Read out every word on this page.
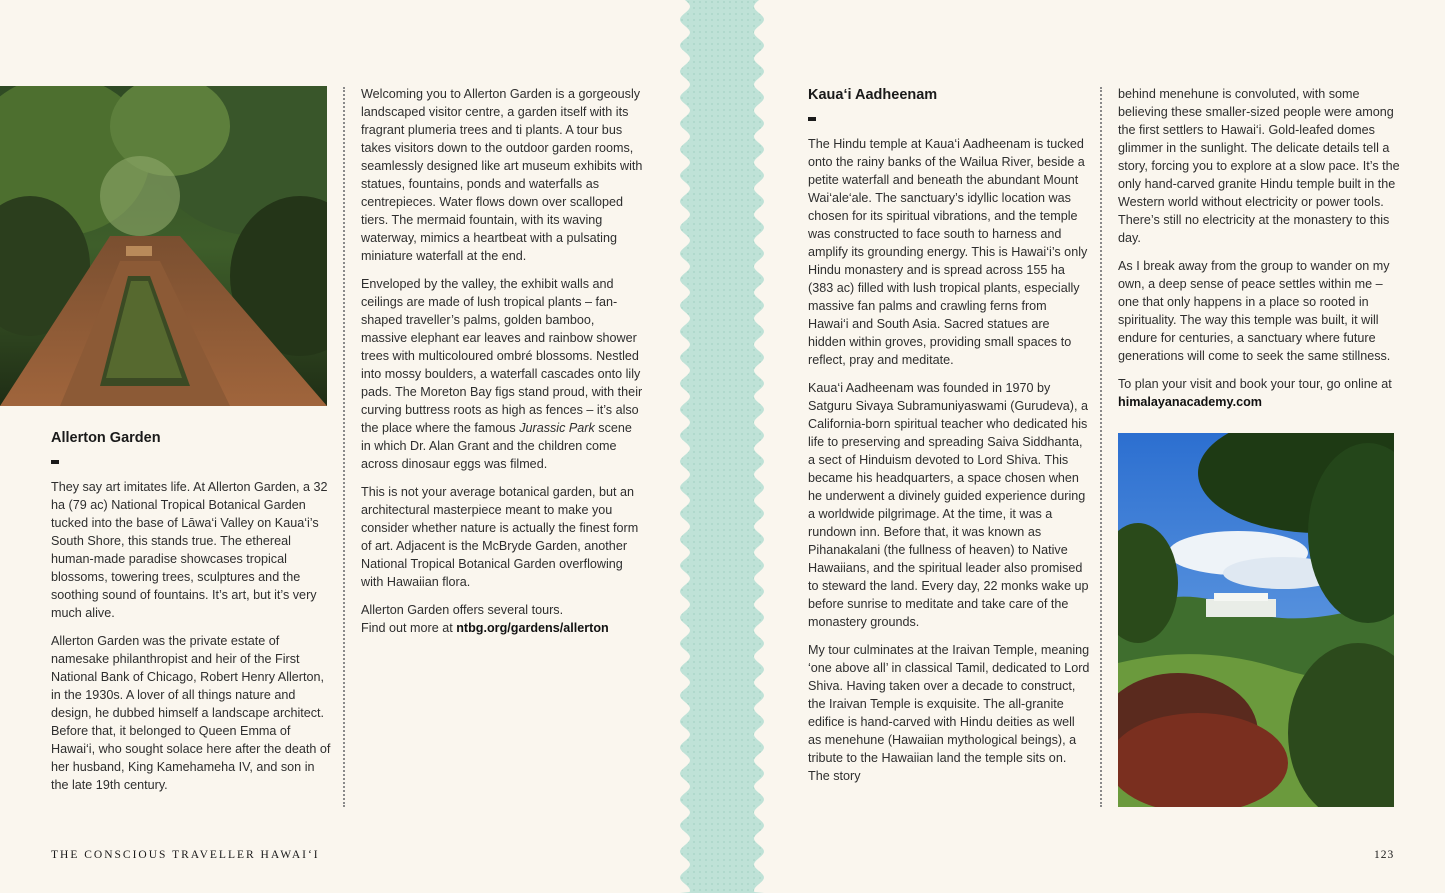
Allerton Garden

They say art imitates life. At Allerton Garden, a 32 ha (79 ac) National Tropical Botanical Garden tucked into the base of Lāwa‘i Valley on Kaua‘i’s South Shore, this stands true. The ethereal human-made paradise showcases tropical blossoms, towering trees, sculptures and the soothing sound of fountains. It’s art, but it’s very much alive.

Allerton Garden was the private estate of namesake philanthropist and heir of the First National Bank of Chicago, Robert Henry Allerton, in the 1930s. A lover of all things nature and design, he dubbed himself a landscape architect. Before that, it belonged to Queen Emma of Hawai‘i, who sought solace here after the death of her husband, King Kamehameha IV, and son in the late 19th century.

Welcoming you to Allerton Garden is a gorgeously landscaped visitor centre, a garden itself with its fragrant plumeria trees and ti plants. A tour bus takes visitors down to the outdoor garden rooms, seamlessly designed like art museum exhibits with statues, fountains, ponds and waterfalls as centrepieces. Water flows down over scalloped tiers. The mermaid fountain, with its waving waterway, mimics a heartbeat with a pulsating miniature waterfall at the end.

Enveloped by the valley, the exhibit walls and ceilings are made of lush tropical plants – fan-shaped traveller’s palms, golden bamboo, massive elephant ear leaves and rainbow shower trees with multicoloured ombré blossoms. Nestled into mossy boulders, a waterfall cascades onto lily pads. The Moreton Bay figs stand proud, with their curving buttress roots as high as fences – it’s also the place where the famous Jurassic Park scene in which Dr. Alan Grant and the children come across dinosaur eggs was filmed.

This is not your average botanical garden, but an architectural masterpiece meant to make you consider whether nature is actually the finest form of art. Adjacent is the McBryde Garden, another National Tropical Botanical Garden overflowing with Hawaiian flora.

Allerton Garden offers several tours.
Find out more at ntbg.org/gardens/allerton

THE CONSCIOUS TRAVELLER HAWAI‘I
Kaua‘i Aadheenam

The Hindu temple at Kaua‘i Aadheenam is tucked onto the rainy banks of the Wailua River, beside a petite waterfall and beneath the abundant Mount Wai‘ale‘ale. The sanctuary’s idyllic location was chosen for its spiritual vibrations, and the temple was constructed to face south to harness and amplify its grounding energy. This is Hawai‘i’s only Hindu monastery and is spread across 155 ha (383 ac) filled with lush tropical plants, especially massive fan palms and crawling ferns from Hawai‘i and South Asia. Sacred statues are hidden within groves, providing small spaces to reflect, pray and meditate.

Kaua‘i Aadheenam was founded in 1970 by Satguru Sivaya Subramuniyaswami (Gurudeva), a California-born spiritual teacher who dedicated his life to preserving and spreading Saiva Siddhanta, a sect of Hinduism devoted to Lord Shiva. This became his headquarters, a space chosen when he underwent a divinely guided experience during a worldwide pilgrimage. At the time, it was a rundown inn. Before that, it was known as Pihanakalani (the fullness of heaven) to Native Hawaiians, and the spiritual leader also promised to steward the land. Every day, 22 monks wake up before sunrise to meditate and take care of the monastery grounds.

My tour culminates at the Iraivan Temple, meaning ‘one above all’ in classical Tamil, dedicated to Lord Shiva. Having taken over a decade to construct, the Iraivan Temple is exquisite. The all-granite edifice is hand-carved with Hindu deities as well as menehune (Hawaiian mythological beings), a tribute to the Hawaiian land the temple sits on. The story

behind menehune is convoluted, with some believing these smaller-sized people were among the first settlers to Hawai‘i. Gold-leafed domes glimmer in the sunlight. The delicate details tell a story, forcing you to explore at a slow pace. It’s the only hand-carved granite Hindu temple built in the Western world without electricity or power tools. There’s still no electricity at the monastery to this day.

As I break away from the group to wander on my own, a deep sense of peace settles within me – one that only happens in a place so rooted in spirituality. The way this temple was built, it will endure for centuries, a sanctuary where future generations will come to seek the same stillness.

To plan your visit and book your tour, go online at himalayanacademy.com

123
